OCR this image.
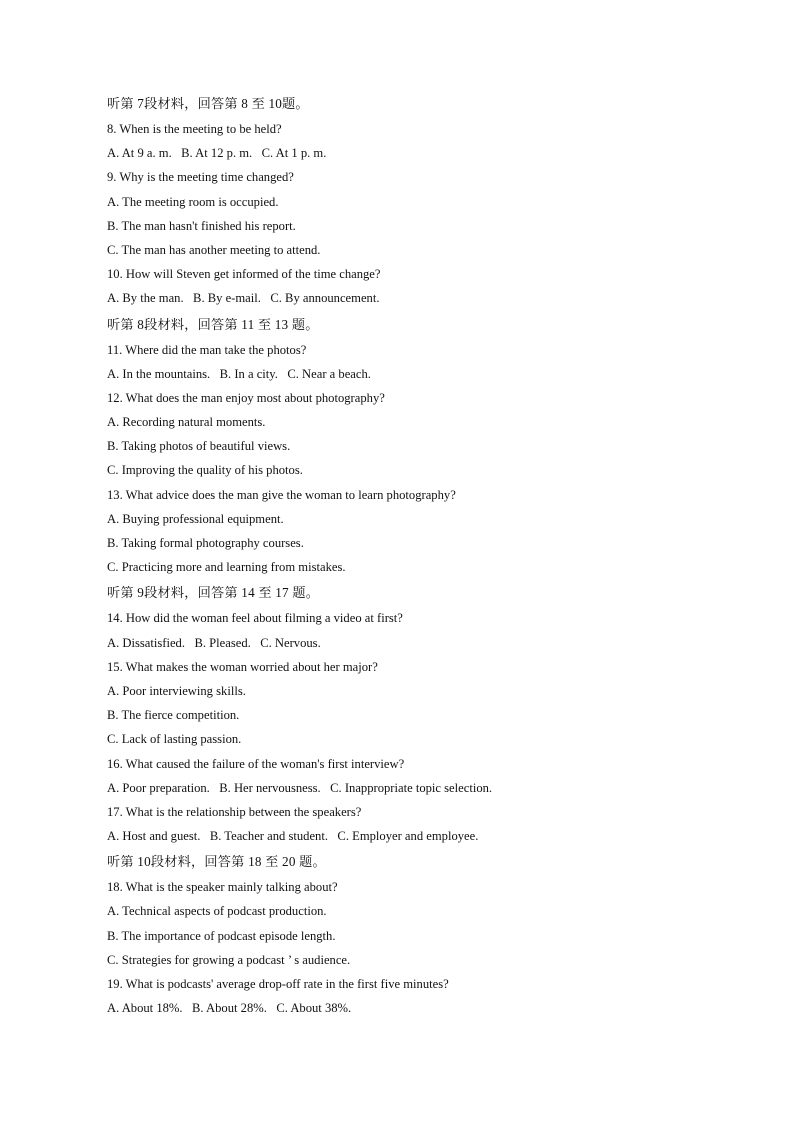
听第 7段材料，回答第 8 至 10题。
8. When is the meeting to be held?
A. At 9 a. m.   B. At 12 p. m.   C. At 1 p. m.
9. Why is the meeting time changed?
A. The meeting room is occupied.
B. The man hasn't finished his report.
C. The man has another meeting to attend.
10. How will Steven get informed of the time change?
A. By the man.   B. By e-mail.   C. By announcement.
听第 8段材料，回答第 11 至 13 题。
11. Where did the man take the photos?
A. In the mountains.   B. In a city.   C. Near a beach.
12. What does the man enjoy most about photography?
A. Recording natural moments.
B. Taking photos of beautiful views.
C. Improving the quality of his photos.
13. What advice does the man give the woman to learn photography?
A. Buying professional equipment.
B. Taking formal photography courses.
C. Practicing more and learning from mistakes.
听第 9段材料，回答第 14 至 17 题。
14. How did the woman feel about filming a video at first?
A. Dissatisfied.   B. Pleased.   C. Nervous.
15. What makes the woman worried about her major?
A. Poor interviewing skills.
B. The fierce competition.
C. Lack of lasting passion.
16. What caused the failure of the woman's first interview?
A. Poor preparation.   B. Her nervousness.   C. Inappropriate topic selection.
17. What is the relationship between the speakers?
A. Host and guest.   B. Teacher and student.   C. Employer and employee.
听第 10段材料，回答第 18 至 20 题。
18. What is the speaker mainly talking about?
A. Technical aspects of podcast production.
B. The importance of podcast episode length.
C. Strategies for growing a podcast ’ s audience.
19. What is podcasts' average drop-off rate in the first five minutes?
A. About 18%.   B. About 28%.   C. About 38%.
